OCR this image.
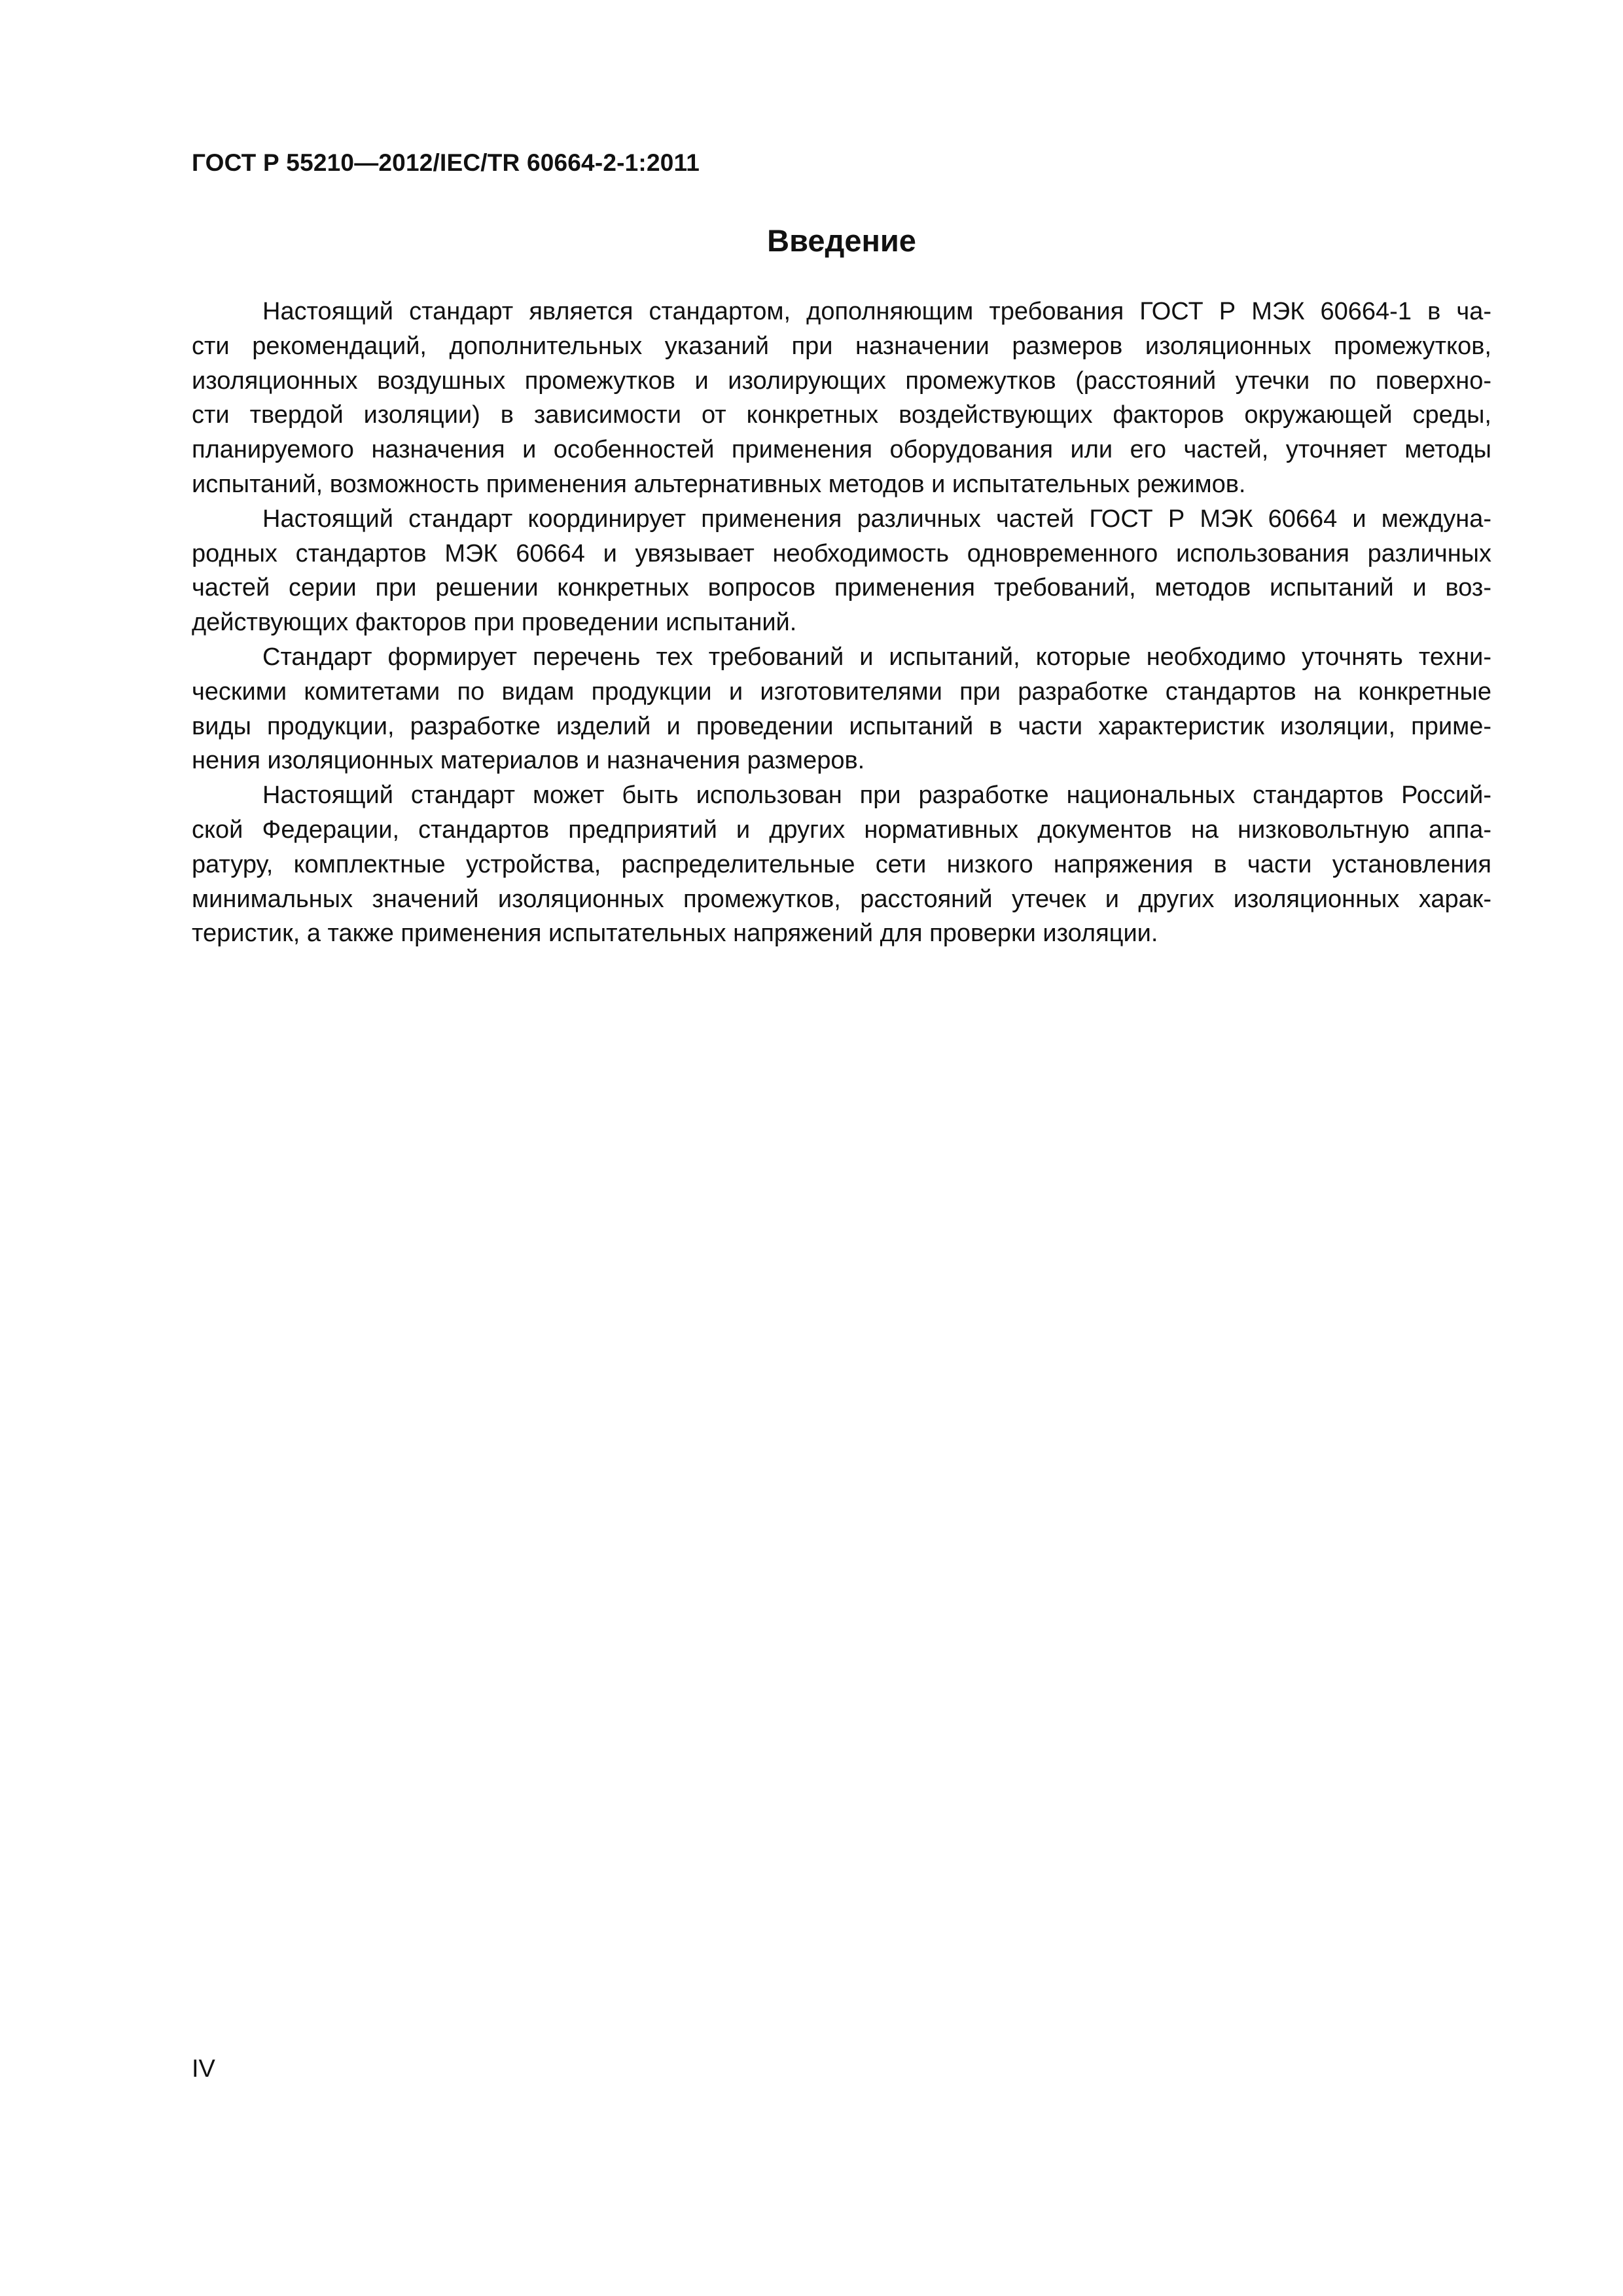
ГОСТ Р 55210—2012/IEC/TR 60664-2-1:2011
Введение
Настоящий стандарт является стандартом, дополняющим требования ГОСТ Р МЭК 60664-1 в ча-
сти рекомендаций, дополнительных указаний при назначении размеров изоляционных промежутков,
изоляционных воздушных промежутков и изолирующих промежутков (расстояний утечки по поверхно-
сти твердой изоляции) в зависимости от конкретных воздействующих факторов окружающей среды,
планируемого назначения и особенностей применения оборудования или его частей, уточняет методы
испытаний, возможность применения альтернативных методов и испытательных режимов.
Настоящий стандарт координирует применения различных частей ГОСТ Р МЭК 60664 и междуна-
родных стандартов МЭК 60664 и увязывает необходимость одновременного использования различных
частей серии при решении конкретных вопросов применения требований, методов испытаний и воз-
действующих факторов при проведении испытаний.
Стандарт формирует перечень тех требований и испытаний, которые необходимо уточнять техни-
ческими комитетами по видам продукции и изготовителями при разработке стандартов на конкретные
виды продукции, разработке изделий и проведении испытаний в части характеристик изоляции, приме-
нения изоляционных материалов и назначения размеров.
Настоящий стандарт может быть использован при разработке национальных стандартов Россий-
ской Федерации, стандартов предприятий и других нормативных документов на низковольтную аппа-
ратуру, комплектные устройства, распределительные сети низкого напряжения в части установления
минимальных значений изоляционных промежутков, расстояний утечек и других изоляционных харак-
теристик, а также применения испытательных напряжений для проверки изоляции.
IV
